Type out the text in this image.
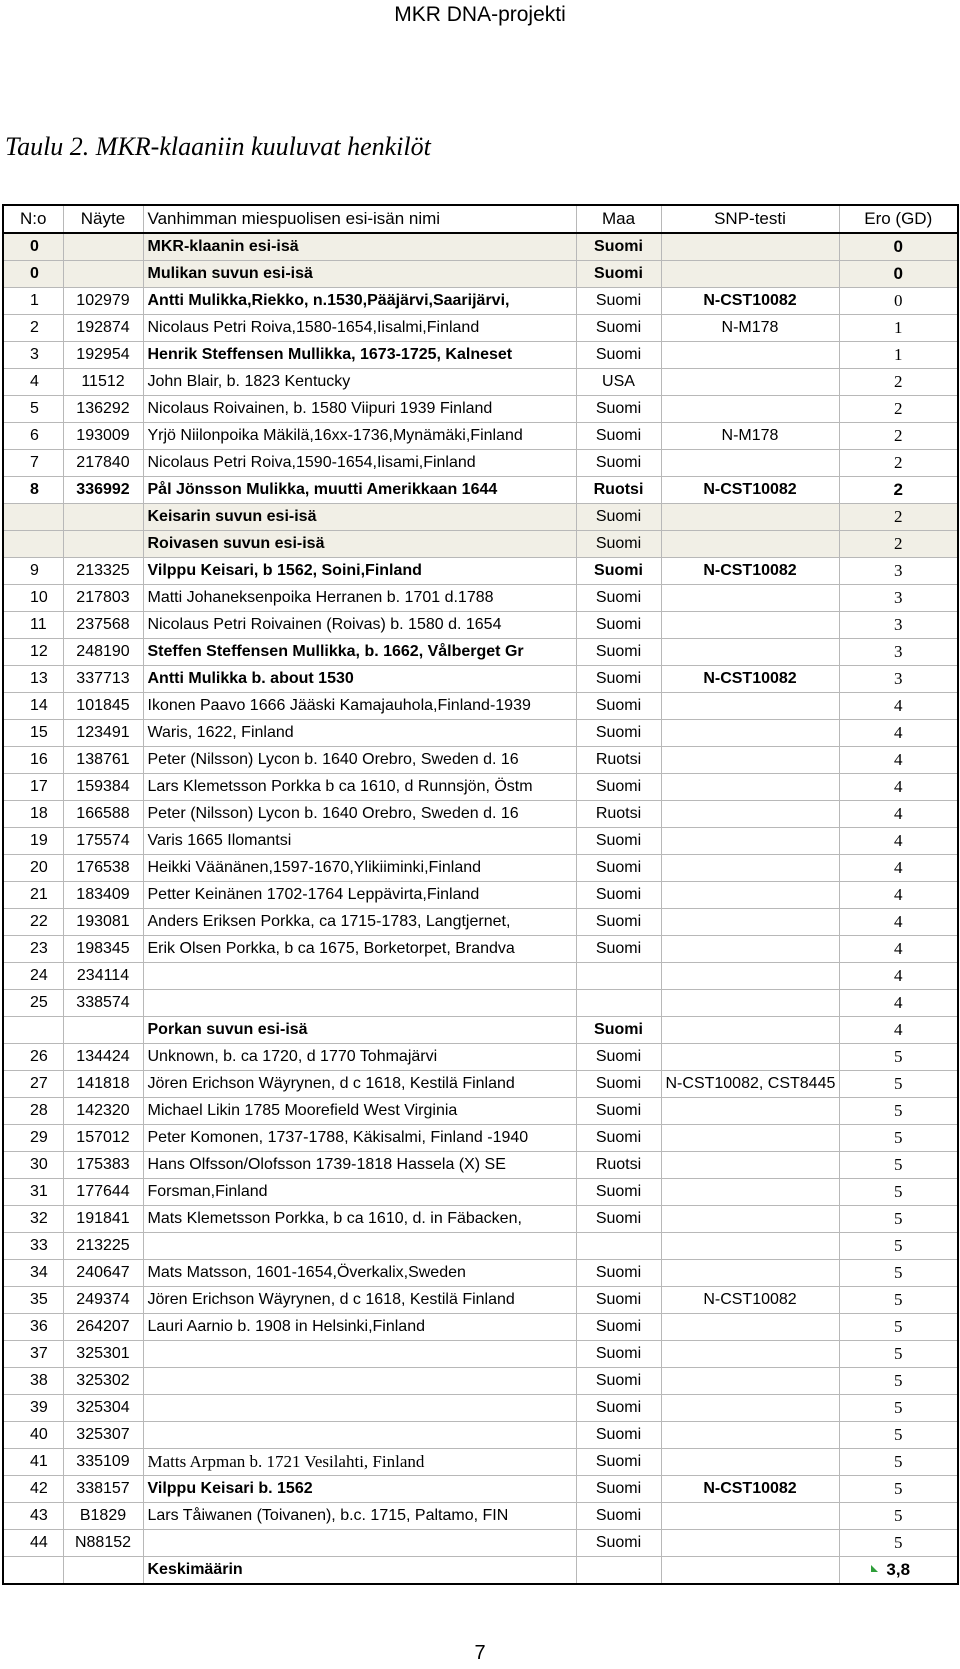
MKR DNA-projekti
Taulu 2. MKR-klaaniin kuuluvat henkilöt
N:o	Näyte	Vanhimman miespuolisen esi-isän nimi	Maa	SNP-testi	Ero (GD)
0		MKR-klaanin esi-isä	Suomi		0
0		Mulikan suvun esi-isä	Suomi		0
1	102979	Antti Mulikka,Riekko, n.1530,Pääjärvi,Saarijärvi,	Suomi	N-CST10082	0
2	192874	Nicolaus Petri Roiva,1580-1654,Iisalmi,Finland	Suomi	N-M178	1
3	192954	Henrik Steffensen Mullikka, 1673-1725, Kalneset	Suomi		1
4	11512	John Blair, b. 1823 Kentucky	USA		2
5	136292	Nicolaus Roivainen, b. 1580 Viipuri 1939 Finland	Suomi		2
6	193009	Yrjö Niilonpoika Mäkilä,16xx-1736,Mynämäki,Finland	Suomi	N-M178	2
7	217840	Nicolaus Petri Roiva,1590-1654,Iisami,Finland	Suomi		2
8	336992	Pål Jönsson Mulikka, muutti Amerikkaan 1644	Ruotsi	N-CST10082	2
		Keisarin suvun esi-isä	Suomi		2
		Roivasen suvun esi-isä	Suomi		2
9	213325	Vilppu Keisari, b 1562, Soini,Finland	Suomi	N-CST10082	3
10	217803	Matti Johaneksenpoika Herranen b. 1701 d.1788	Suomi		3
11	237568	Nicolaus Petri Roivainen (Roivas) b. 1580 d. 1654	Suomi		3
12	248190	Steffen Steffensen Mullikka, b. 1662, Vålberget Gr	Suomi		3
13	337713	Antti Mulikka b. about 1530	Suomi	N-CST10082	3
14	101845	Ikonen Paavo 1666 Jääski Kamajauhola,Finland-1939	Suomi		4
15	123491	Waris, 1622, Finland	Suomi		4
16	138761	Peter (Nilsson) Lycon b. 1640 Orebro, Sweden d. 16	Ruotsi		4
17	159384	Lars Klemetsson Porkka b ca 1610, d Runnsjön, Östm	Suomi		4
18	166588	Peter (Nilsson) Lycon b. 1640 Orebro, Sweden d. 16	Ruotsi		4
19	175574	Varis 1665 Ilomantsi	Suomi		4
20	176538	Heikki Väänänen,1597-1670,Ylikiiminki,Finland	Suomi		4
21	183409	Petter Keinänen 1702-1764 Leppävirta,Finland	Suomi		4
22	193081	Anders Eriksen Porkka, ca 1715-1783, Langtjernet,	Suomi		4
23	198345	Erik Olsen Porkka, b ca 1675, Borketorpet, Brandva	Suomi		4
24	234114				4
25	338574				4
		Porkan suvun esi-isä	Suomi		4
26	134424	Unknown, b. ca 1720, d 1770 Tohmajärvi	Suomi		5
27	141818	Jören Erichson Wäyrynen, d c 1618, Kestilä Finland	Suomi	N-CST10082, CST8445	5
28	142320	Michael Likin 1785 Moorefield West Virginia	Suomi		5
29	157012	Peter Komonen, 1737-1788, Käkisalmi, Finland -1940	Suomi		5
30	175383	Hans Olfsson/Olofsson 1739-1818 Hassela (X) SE	Ruotsi		5
31	177644	Forsman,Finland	Suomi		5
32	191841	Mats Klemetsson Porkka, b ca 1610, d. in Fäbacken,	Suomi		5
33	213225				5
34	240647	Mats Matsson, 1601-1654,Överkalix,Sweden	Suomi		5
35	249374	Jören Erichson Wäyrynen, d c 1618, Kestilä Finland	Suomi	N-CST10082	5
36	264207	Lauri Aarnio b. 1908 in Helsinki,Finland	Suomi		5
37	325301		Suomi		5
38	325302		Suomi		5
39	325304		Suomi		5
40	325307		Suomi		5
41	335109	Matts Arpman b. 1721 Vesilahti, Finland	Suomi		5
42	338157	Vilppu Keisari b. 1562	Suomi	N-CST10082	5
43	B1829	Lars Tåiwanen (Toivanen), b.c. 1715, Paltamo, FIN	Suomi		5
44	N88152		Suomi		5
		Keskimäärin			3,8
7
